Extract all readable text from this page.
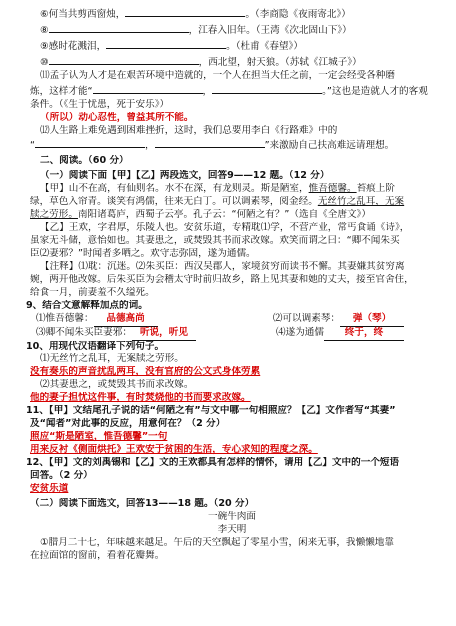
⑥何当共剪西窗烛，	。（李商隐《夜雨寄北》）

⑧	，江春入旧年。（王湾《次北固山下》）

⑨感时花溅泪，	。（杜甫《春望》）

⑩	，西北望，射天狼。（苏轼《江城子》）

⑾孟子认为人才是在艰苦环境中造就的，一个人在担当大任之前，一定会经受各种磨

炼，这样才能“	，	。”这也是造就人才的客观

条件。（《生于忧患，死于安乐》）

（所以）动心忍性，曾益其所不能。

⑿人生路上难免遇到困难挫折，这时，我们总要用李白《行路难》中的

“	，	”来激励自己扶高难远请理想。

二、阅读。（60 分）

（一）阅读下面【甲】【乙】两段选文，回答9——12 题。（12 分）

【甲】山不在高，有仙则名。水不在深，有龙则灵。斯是陋室，惟吾德馨。苔痕上阶

绿，草色入帘青。谈笑有鸿儒，往来无白丁。可以调素琴，阅金经。无丝竹之乱耳，无案

牍之劳形。南阳诸葛庐，西蜀子云亭。孔子云：“何陋之有？”（选自《全唐文》）

【乙】王欢，字君厚，乐陵人也。安贫乐道，专精耽⑴学，不营产业，常丐食诵《诗》，

虽家无斗储，意怡如也。其妻患之，或焚毁其书而求改嫁。欢笑而谓之曰：“卿不闻朱买

臣⑵妻邪？”时闻者多哂之。欢守志弥固，遂为通儒。

【注释】⑴耽：沉迷。⑵朱买臣：西汉吴郡人，家境贫穷而读书不懈。其妻嫌其贫穷离

婉，两开他改嫁。后朱买臣为会稽太守时前归故乡，路上见其妻和她的丈夫，接至官舍住，

给食一月，前妻羞不久缢死。

9、结合文意解释加点的词。

⑴惟吾德馨： 品德高尚	⑵可以调素琴： 弹（琴）
⑶卿不闻朱买臣妻邪： 听说，听见	⑷遂为通儒 终于，终

10、用现代汉语翻译下列句子。

⑴无丝竹之乱耳，无案牍之劳形。

没有奏乐的声音扰乱两耳，没有官府的公文式身体劳累

⑵其妻患之，或焚毁其书而求改嫁。

他的妻子担忧这件事，有时焚烧他的书而要求改嫁。

11、【甲】文结尾孔子说的话“何陋之有”与文中哪一句相照应？【乙】文作者写“其妻”

及“闻者”对此事的反应，用意何在？（2 分）

照应“斯是陋室，惟吾德馨”一句

用来反衬《侧面烘托》王欢安于贫困的生活，专心求知的程度之深。

12、【甲】文的刘禹锡和【乙】文的王欢都具有怎样的情怀，请用【乙】文中的一个短语

回答。（2 分）

安贫乐道

（二）阅读下面选文，回答13——18 题。（20 分）

一碗牛肉面

李天明

①腊月二十七，年味越来越足。午后的天空飘起了零星小雪，闲来无事，我懒懒地靠

在拉面馆的窗前，看着花瓣舞。
